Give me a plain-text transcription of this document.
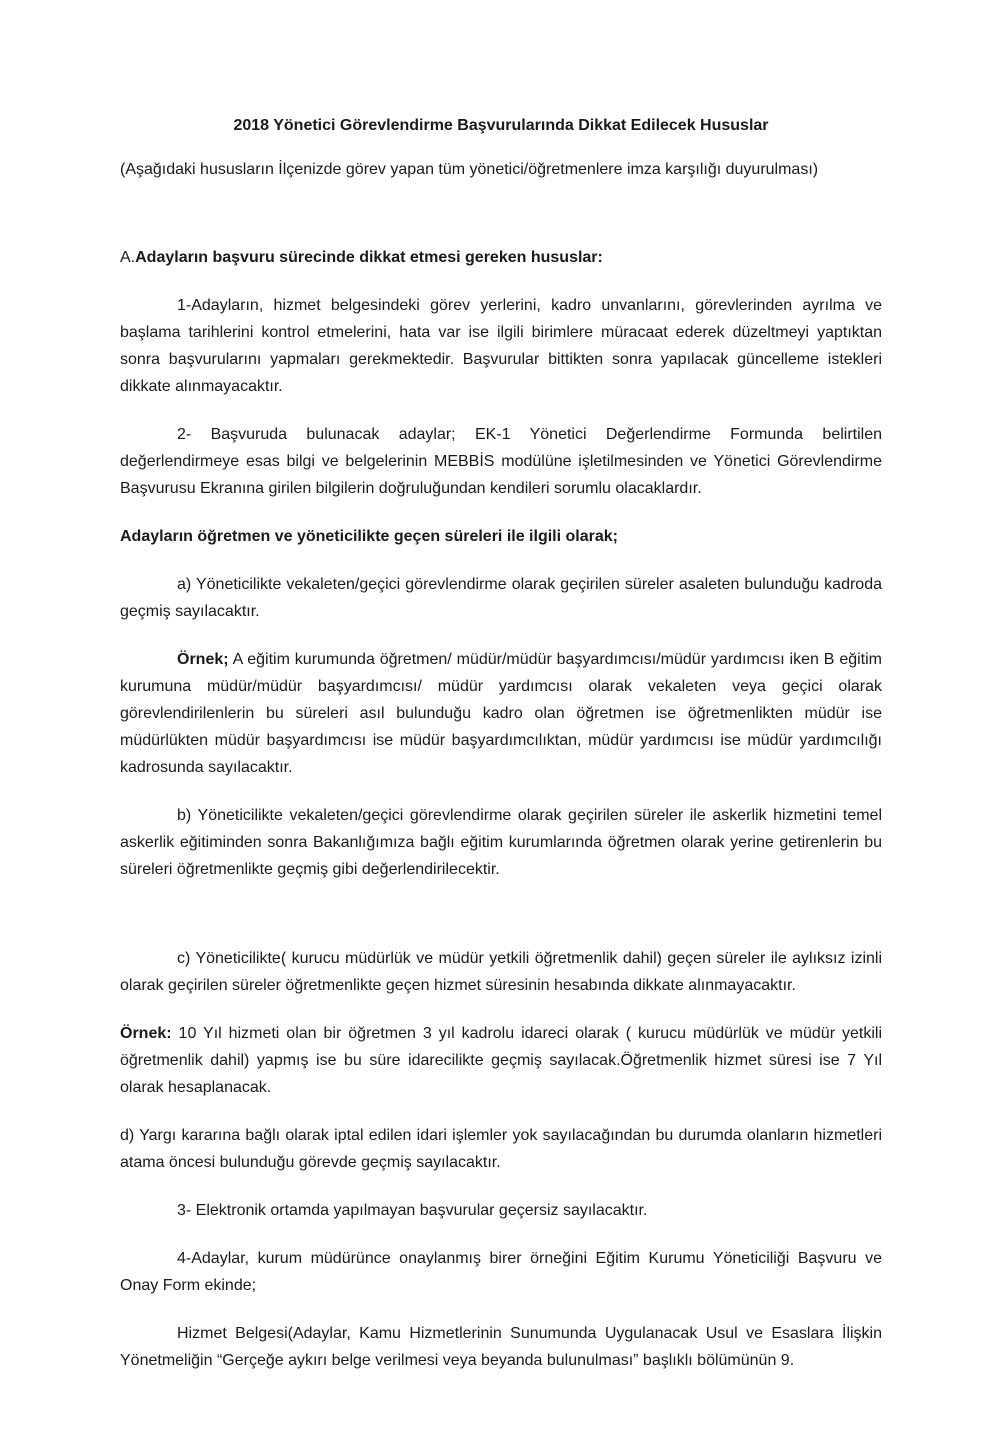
2018 Yönetici Görevlendirme Başvurularında Dikkat Edilecek Hususlar

(Aşağıdaki hususların İlçenizde görev yapan tüm yönetici/öğretmenlere imza karşılığı duyurulması)

A.Adayların başvuru sürecinde dikkat etmesi gereken hususlar:

1-Adayların, hizmet belgesindeki görev yerlerini, kadro unvanlarını, görevlerinden ayrılma ve başlama tarihlerini kontrol etmelerini, hata var ise ilgili birimlere müracaat ederek düzeltmeyi yaptıktan sonra başvurularını yapmaları gerekmektedir. Başvurular bittikten sonra yapılacak güncelleme istekleri dikkate alınmayacaktır.

2- Başvuruda bulunacak adaylar; EK-1 Yönetici Değerlendirme Formunda belirtilen değerlendirmeye esas bilgi ve belgelerinin MEBBİS modülüne işletilmesinden ve Yönetici Görevlendirme Başvurusu Ekranına girilen bilgilerin doğruluğundan kendileri sorumlu olacaklardır.

Adayların öğretmen ve yöneticilikte geçen süreleri ile ilgili olarak;

a) Yöneticilikte vekaleten/geçici görevlendirme olarak geçirilen süreler asaleten bulunduğu kadroda geçmiş sayılacaktır.

Örnek; A eğitim kurumunda öğretmen/ müdür/müdür başyardımcısı/müdür yardımcısı iken B eğitim kurumuna müdür/müdür başyardımcısı/ müdür yardımcısı olarak vekaleten veya geçici olarak görevlendirilenlerin bu süreleri asıl bulunduğu kadro olan öğretmen ise öğretmenlikten müdür ise müdürlükten müdür başyardımcısı ise müdür başyardımcılıktan, müdür yardımcısı ise müdür yardımcılığı kadrosunda sayılacaktır.

b) Yöneticilikte vekaleten/geçici görevlendirme olarak geçirilen süreler ile askerlik hizmetini temel askerlik eğitiminden sonra Bakanlığımıza bağlı eğitim kurumlarında öğretmen olarak yerine getirenlerin bu süreleri öğretmenlikte geçmiş gibi değerlendirilecektir.

c) Yöneticilikte( kurucu müdürlük ve müdür yetkili öğretmenlik dahil) geçen süreler ile aylıksız izinli olarak geçirilen süreler öğretmenlikte geçen hizmet süresinin hesabında dikkate alınmayacaktır.

Örnek: 10 Yıl hizmeti olan bir öğretmen 3 yıl kadrolu idareci olarak ( kurucu müdürlük ve müdür yetkili öğretmenlik dahil) yapmış ise bu süre idarecilikte geçmiş sayılacak.Öğretmenlik hizmet süresi ise 7 Yıl olarak hesaplanacak.

d) Yargı kararına bağlı olarak iptal edilen idari işlemler yok sayılacağından bu durumda olanların hizmetleri atama öncesi bulunduğu görevde geçmiş sayılacaktır.

3- Elektronik ortamda yapılmayan başvurular geçersiz sayılacaktır.

4-Adaylar, kurum müdürünce onaylanmış birer örneğini Eğitim Kurumu Yöneticiliği Başvuru ve Onay Form ekinde;

Hizmet Belgesi(Adaylar, Kamu Hizmetlerinin Sunumunda Uygulanacak Usul ve Esaslara İlişkin Yönetmeliğin “Gerçeğe aykırı belge verilmesi veya beyanda bulunulması” başlıklı bölümünün 9.
